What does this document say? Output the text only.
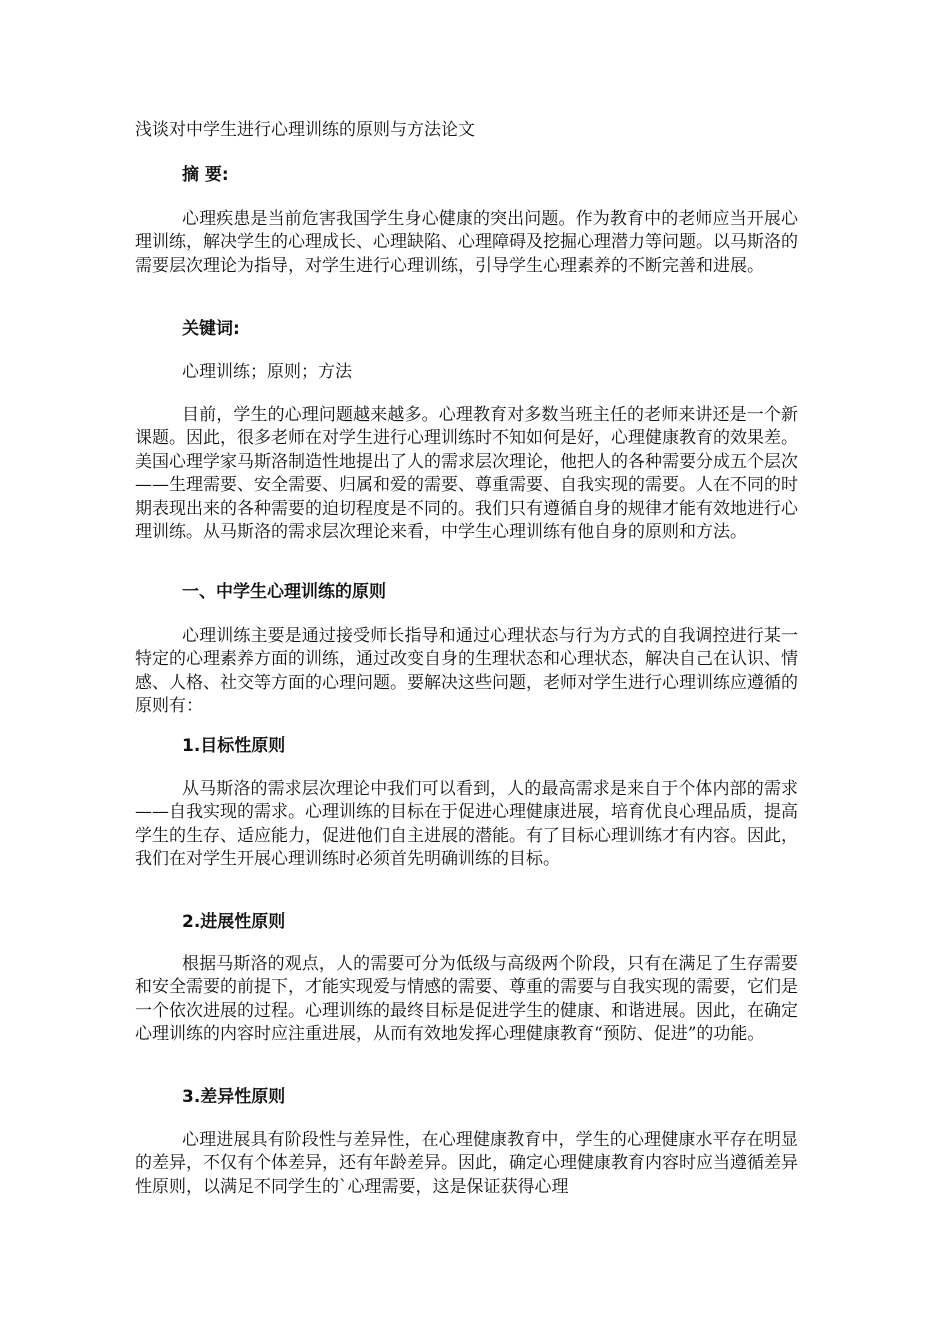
浅谈对中学生进行心理训练的原则与方法论文

摘 要:

心理疾患是当前危害我国学生身心健康的突出问题。作为教育中的老师应当开展心理训练，解决学生的心理成长、心理缺陷、心理障碍及挖掘心理潜力等问题。以马斯洛的需要层次理论为指导，对学生进行心理训练，引导学生心理素养的不断完善和进展。

关键词:

心理训练；原则；方法

目前，学生的心理问题越来越多。心理教育对多数当班主任的老师来讲还是一个新课题。因此，很多老师在对学生进行心理训练时不知如何是好，心理健康教育的效果差。美国心理学家马斯洛制造性地提出了人的需求层次理论，他把人的各种需要分成五个层次——生理需要、安全需要、归属和爱的需要、尊重需要、自我实现的需要。人在不同的时期表现出来的各种需要的迫切程度是不同的。我们只有遵循自身的规律才能有效地进行心理训练。从马斯洛的需求层次理论来看，中学生心理训练有他自身的原则和方法。

一、中学生心理训练的原则

心理训练主要是通过接受师长指导和通过心理状态与行为方式的自我调控进行某一特定的心理素养方面的训练，通过改变自身的生理状态和心理状态，解决自己在认识、情感、人格、社交等方面的心理问题。要解决这些问题，老师对学生进行心理训练应遵循的原则有：

1.目标性原则

从马斯洛的需求层次理论中我们可以看到，人的最高需求是来自于个体内部的需求——自我实现的需求。心理训练的目标在于促进心理健康进展，培育优良心理品质，提高学生的生存、适应能力，促进他们自主进展的潜能。有了目标心理训练才有内容。因此，我们在对学生开展心理训练时必须首先明确训练的目标。

2.进展性原则

根据马斯洛的观点，人的需要可分为低级与高级两个阶段，只有在满足了生存需要和安全需要的前提下，才能实现爱与情感的需要、尊重的需要与自我实现的需要，它们是一个依次进展的过程。心理训练的最终目标是促进学生的健康、和谐进展。因此，在确定心理训练的内容时应注重进展，从而有效地发挥心理健康教育“预防、促进”的功能。

3.差异性原则

心理进展具有阶段性与差异性，在心理健康教育中，学生的心理健康水平存在明显的差异，不仅有个体差异，还有年龄差异。因此，确定心理健康教育内容时应当遵循差异性原则，以满足不同学生的`心理需要，这是保证获得心理
